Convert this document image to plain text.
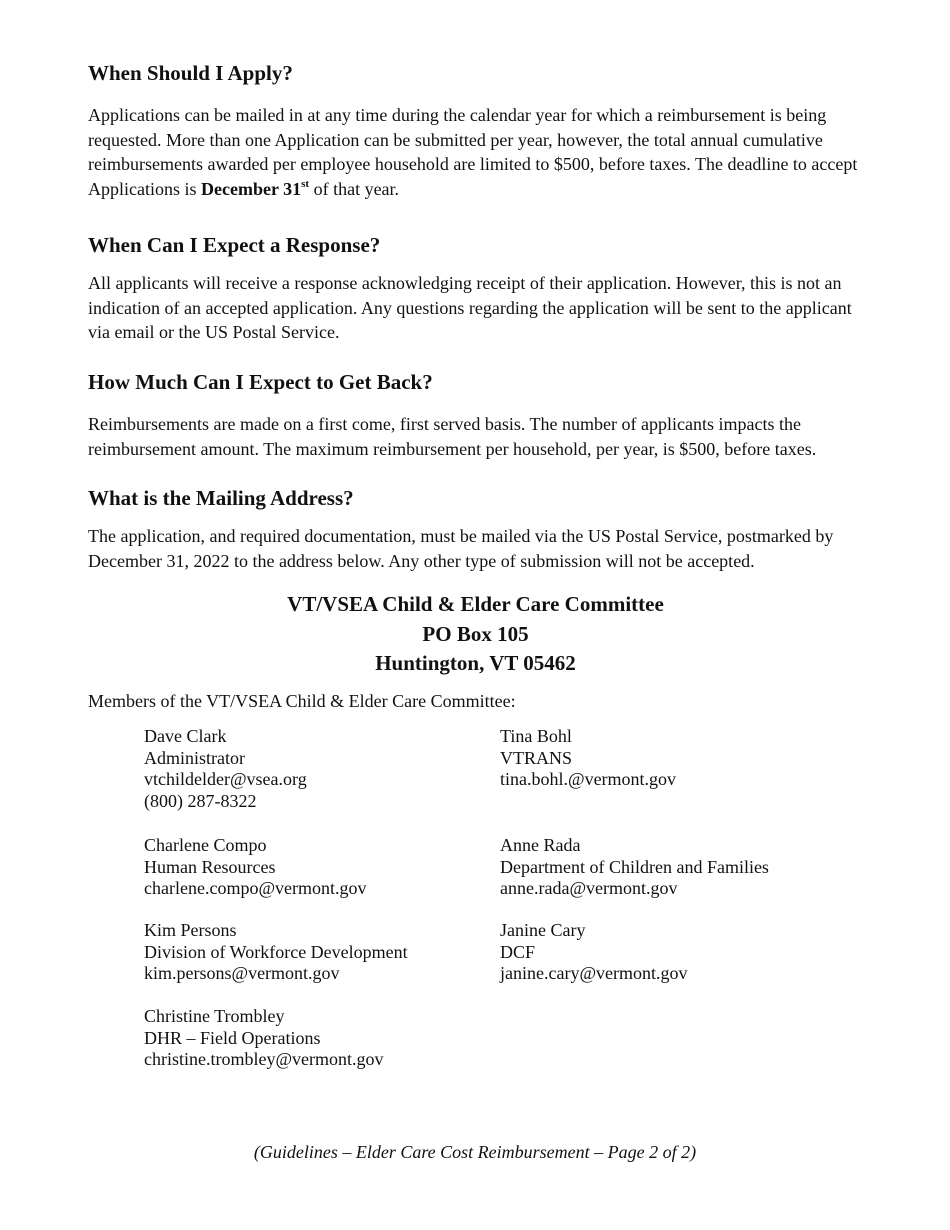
When Should I Apply?

Applications can be mailed in at any time during the calendar year for which a reimbursement is being requested. More than one Application can be submitted per year, however, the total annual cumulative reimbursements awarded per employee household are limited to $500, before taxes. The deadline to accept Applications is December 31st of that year.

When Can I Expect a Response?

All applicants will receive a response acknowledging receipt of their application. However, this is not an indication of an accepted application. Any questions regarding the application will be sent to the applicant via email or the US Postal Service.

How Much Can I Expect to Get Back?

Reimbursements are made on a first come, first served basis. The number of applicants impacts the reimbursement amount. The maximum reimbursement per household, per year, is $500, before taxes.

What is the Mailing Address?

The application, and required documentation, must be mailed via the US Postal Service, postmarked by December 31, 2022 to the address below. Any other type of submission will not be accepted.

VT/VSEA Child & Elder Care Committee
PO Box 105
Huntington, VT 05462

Members of the VT/VSEA Child & Elder Care Committee:

Dave Clark
Administrator
vtchildelder@vsea.org
(800) 287-8322
Tina Bohl
VTRANS
tina.bohl.@vermont.gov
Charlene Compo
Human Resources
charlene.compo@vermont.gov
Anne Rada
Department of Children and Families
anne.rada@vermont.gov
Kim Persons
Division of Workforce Development
kim.persons@vermont.gov
Janine Cary
DCF
janine.cary@vermont.gov
Christine Trombley
DHR – Field Operations
christine.trombley@vermont.gov
(Guidelines – Elder Care Cost Reimbursement – Page 2 of 2)
